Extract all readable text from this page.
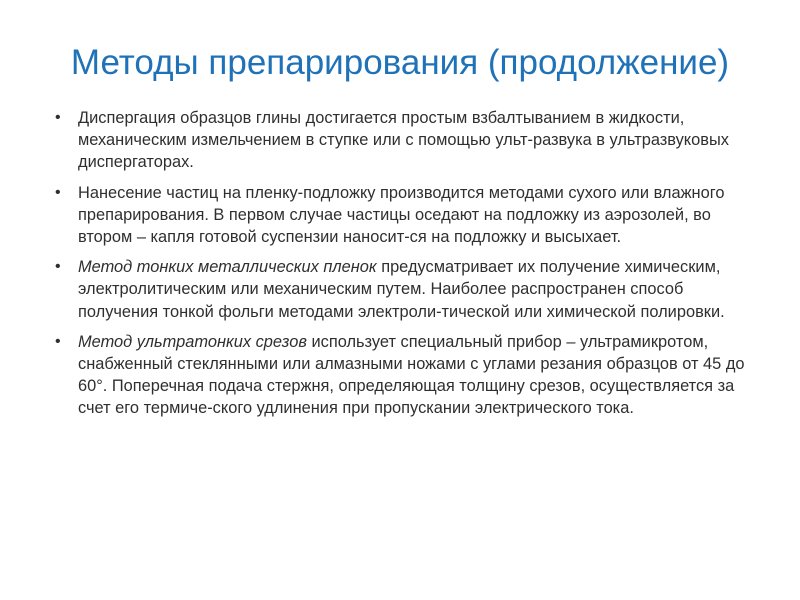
Методы препарирования (продолжение)
• Диспергация образцов глины достигается простым взбалтыванием в жидкости, механическим измельчением в ступке или с помощью ульт-развука в ультразвуковых диспергаторах.
• Нанесение частиц на пленку-подложку производится методами сухого или влажного препарирования. В первом случае частицы оседают на подложку из аэрозолей, во втором – капля готовой суспензии наносит-ся на подложку и высыхает.
• Метод тонких металлических пленок предусматривает их получение химическим, электролитическим или механическим путем. Наиболее распространен способ получения тонкой фольги методами электроли-тической или химической полировки.
• Метод ультратонких срезов использует специальный прибор – ультрамикротом, снабженный стеклянными или алмазными ножами с углами резания образцов от 45 до 60°. Поперечная подача стержня, определяющая толщину срезов, осуществляется за счет его термиче-ского удлинения при пропускании электрического тока.
